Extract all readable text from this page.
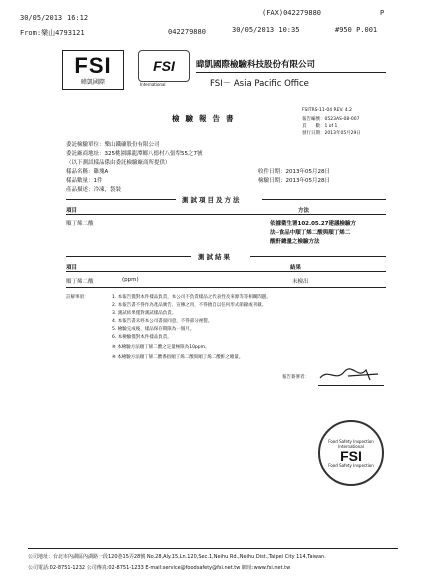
30/05/2013 16:12
From:樂山4793121	042279880
(FAX)042279880	P
30/05/2013 10:35	#950 P.001
FSI
暐凱國際
FSI
International
暐凱國際檢驗科技股份有限公司
FSI－ Asia Pacific Office
檢驗報告書
FSITRS-11-04 REV. 4.2
報告編號：0523AS-08-007
頁　　數：1 of 1
發行日期：2013年05月29日
委託檢驗單位：樂山鐵礦股份有限公司
委託廠商地址：325桃園縣龍潭鄉八德村八張犁55之7號
（以下測試樣品係由委託檢驗廠商所提供）
樣品名稱：雞塊A
樣品數量：1件
產品描述：冷凍，袋裝
收件日期：2013年05月28日
檢驗日期：2013年05月28日
測試項目及方法
項目	方法
順丁烯二酸	依據衛生署102.05.27建議檢驗方
法─食品中順丁烯二酸與順丁烯二
酸酐總量之檢驗方法
測試結果
項目	結果
順丁烯二酸	(ppm)	未檢出
註解事項：	1. 本報告僅對本件樣品負責，本公司不負責樣品之代表性及來源等等相關問題。
2. 本報告書不得作為產品廣告、宣傳之用，不得擅自以任何形式節錄或刊載。
3. 測試結果僅對測試樣品負責。
4. 本報告書未經本公司書面同意，不得部分複製。
5. 檢驗完成後，樣品保存期限為一個月。
6. 本檢驗僅對本件樣品負責。
※ 本檢驗方法順丁烯二酸之定量極限為10ppm。
※ 本檢驗方法順丁烯二酸係指順丁烯二酸與順丁烯二酸酐之總量。
報告簽署者：
Food Safety Inspection
International
FSI
Food Safety Inspection
公司地址：台北市內湖區內湖路一段120巷15弄28號 No.28,Aly.15,Ln.120,Sec.1,Neihu Rd.,Neihu Dist.,Taipei City 114,Taiwan.
公司電話:02-8751-1232 公司傳真:02-8751-1233 E-mail:service@foodsafety@fsi.net.tw 網址:www.fsi.net.tw
